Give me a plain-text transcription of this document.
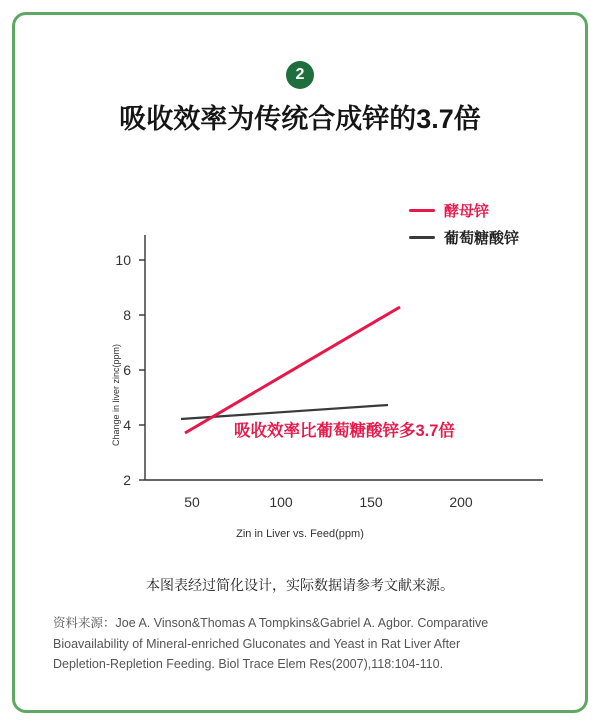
2
吸收效率为传统合成锌的3.7倍
酵母锌
葡萄糖酸锌
2
4
6
8
10
50	100	150	200
Change in liver zinc(ppm)	吸收效率比葡萄糖酸锌多3.7倍
Zin in Liver vs. Feed(ppm)
本图表经过简化设计，实际数据请参考文献来源。
资料来源：Joe A. Vinson&Thomas A Tompkins&Gabriel A. Agbor. Comparative
Bioavailability of Mineral-enriched Gluconates and Yeast in Rat Liver After
Depletion-Repletion Feeding. Biol Trace Elem Res(2007),118:104-110.
